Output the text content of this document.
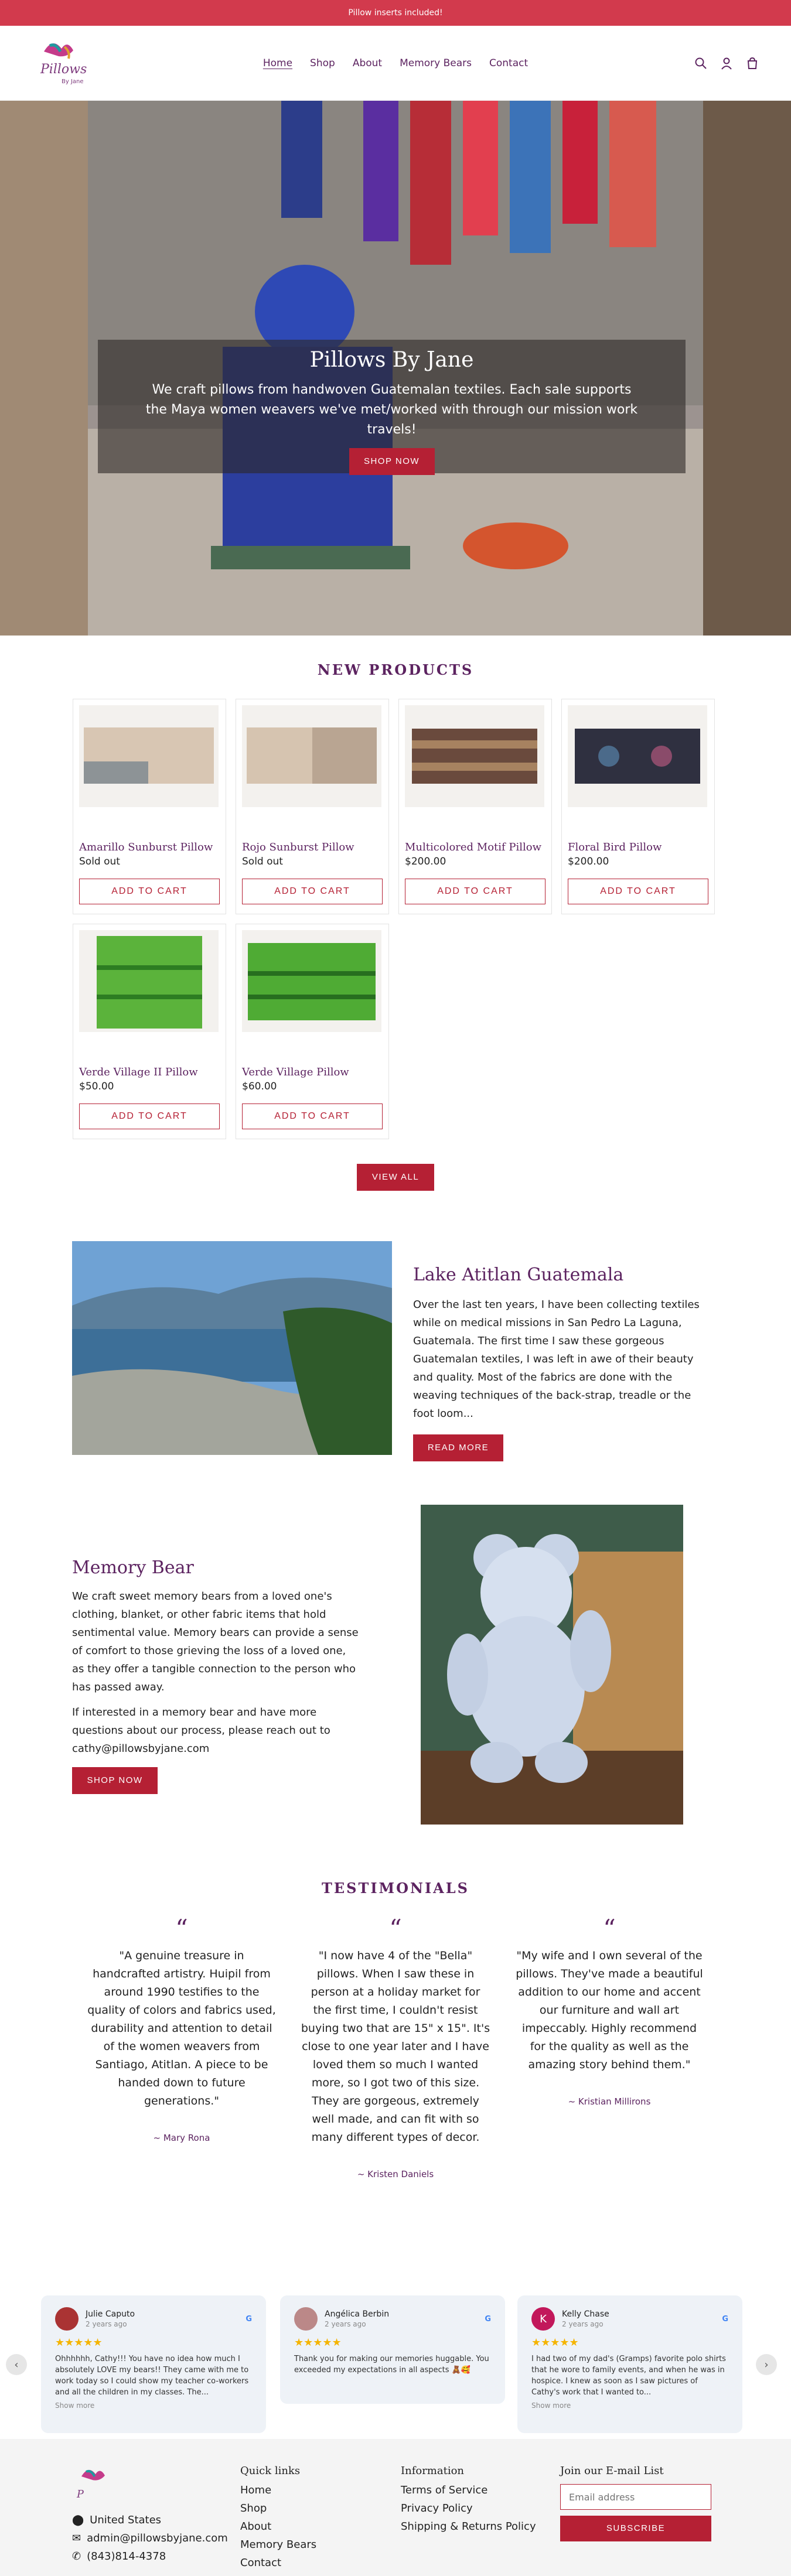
Pillow inserts included!
Pillows
By Jane
Home Shop About Memory Bears Contact
Pillows By Jane

We craft pillows from handwoven Guatemalan textiles. Each sale supports the Maya women weavers we've met/worked with through our mission work travels!

SHOP NOW
NEW PRODUCTS
Amarillo Sunburst Pillow
Sold out
ADD TO CART
Rojo Sunburst Pillow
Sold out
ADD TO CART
Multicolored Motif Pillow
$200.00
ADD TO CART
Floral Bird Pillow
$200.00
ADD TO CART
Verde Village II Pillow
$50.00
ADD TO CART
Verde Village Pillow
$60.00
ADD TO CART
VIEW ALL
Lake Atitlan Guatemala

Over the last ten years, I have been collecting textiles while on medical missions in San Pedro La Laguna, Guatemala. The first time I saw these gorgeous Guatemalan textiles, I was left in awe of their beauty and quality. Most of the fabrics are done with the weaving techniques of the back-strap, treadle or the foot loom...

READ MORE
Memory Bear

We craft sweet memory bears from a loved one's clothing, blanket, or other fabric items that hold sentimental value. Memory bears can provide a sense of comfort to those grieving the loss of a loved one, as they offer a tangible connection to the person who has passed away.

If interested in a memory bear and have more questions about our process, please reach out to cathy@pillowsbyjane.com

SHOP NOW
TESTIMONIALS
“

"A genuine treasure in handcrafted artistry. Huipil from around 1990 testifies to the quality of colors and fabrics used, durability and attention to detail of the women weavers from Santiago, Atitlan. A piece to be handed down to future generations."

~ Mary Rona
“

"I now have 4 of the "Bella" pillows. When I saw these in person at a holiday market for the first time, I couldn't resist buying two that are 15" x 15". It's close to one year later and I have loved them so much I wanted more, so I got two of this size. They are gorgeous, extremely well made, and can fit with so many different types of decor.

~ Kristen Daniels
“

"My wife and I own several of the pillows. They've made a beautiful addition to our home and accent our furniture and wall art impeccably. Highly recommend for the quality as well as the amazing story behind them."

~ Kristian Millirons
‹
Julie Caputo
2 years ago
G
★★★★★
Ohhhhhh, Cathy!!! You have no idea how much I absolutely LOVE my bears!! They came with me to work today so I could show my teacher co-workers and all the children in my classes. The...
Show more
Angélica Berbin
2 years ago
G
★★★★★
Thank you for making our memories huggable. You exceeded my expectations in all aspects 🧸🥰
K Kelly Chase
2 years ago
G
★★★★★
I had two of my dad's (Gramps) favorite polo shirts that he wore to family events, and when he was in hospice. I knew as soon as I saw pictures of Cathy's work that I wanted to...
Show more
›
P
⬤ United States
✉ admin@pillowsbyjane.com
✆ (843)814-4378
Quick links
Home
Shop
About
Memory Bears
Contact
Information
Terms of Service
Privacy Policy
Shipping & Returns Policy
Join our E-mail List
Email address SUBSCRIBE
